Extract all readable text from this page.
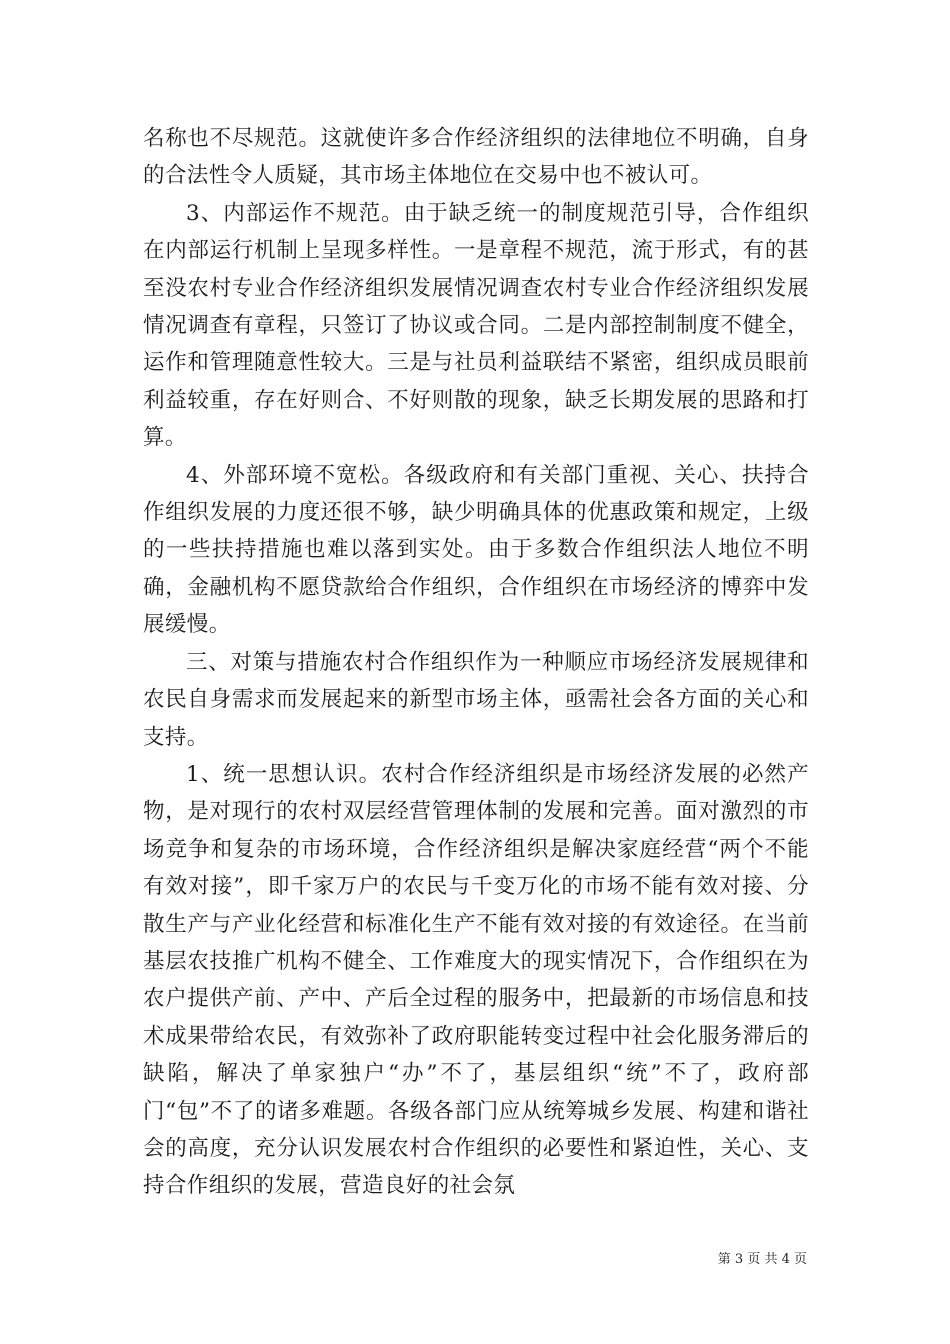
名称也不尽规范。这就使许多合作经济组织的法律地位不明确，自身的合法性令人质疑，其市场主体地位在交易中也不被认可。

3、内部运作不规范。由于缺乏统一的制度规范引导，合作组织在内部运行机制上呈现多样性。一是章程不规范，流于形式，有的甚至没农村专业合作经济组织发展情况调查农村专业合作经济组织发展情况调查有章程，只签订了协议或合同。二是内部控制制度不健全，运作和管理随意性较大。三是与社员利益联结不紧密，组织成员眼前利益较重，存在好则合、不好则散的现象，缺乏长期发展的思路和打算。

4、外部环境不宽松。各级政府和有关部门重视、关心、扶持合作组织发展的力度还很不够，缺少明确具体的优惠政策和规定，上级的一些扶持措施也难以落到实处。由于多数合作组织法人地位不明确，金融机构不愿贷款给合作组织，合作组织在市场经济的博弈中发展缓慢。

三、对策与措施农村合作组织作为一种顺应市场经济发展规律和农民自身需求而发展起来的新型市场主体，亟需社会各方面的关心和支持。

1、统一思想认识。农村合作经济组织是市场经济发展的必然产物，是对现行的农村双层经营管理体制的发展和完善。面对激烈的市场竞争和复杂的市场环境，合作经济组织是解决家庭经营“两个不能有效对接”，即千家万户的农民与千变万化的市场不能有效对接、分散生产与产业化经营和标准化生产不能有效对接的有效途径。在当前基层农技推广机构不健全、工作难度大的现实情况下，合作组织在为农户提供产前、产中、产后全过程的服务中，把最新的市场信息和技术成果带给农民，有效弥补了政府职能转变过程中社会化服务滞后的缺陷，解决了单家独户“办”不了，基层组织“统”不了，政府部门“包”不了的诸多难题。各级各部门应从统筹城乡发展、构建和谐社会的高度，充分认识发展农村合作组织的必要性和紧迫性，关心、支持合作组织的发展，营造良好的社会氛

第 3 页 共 4 页
